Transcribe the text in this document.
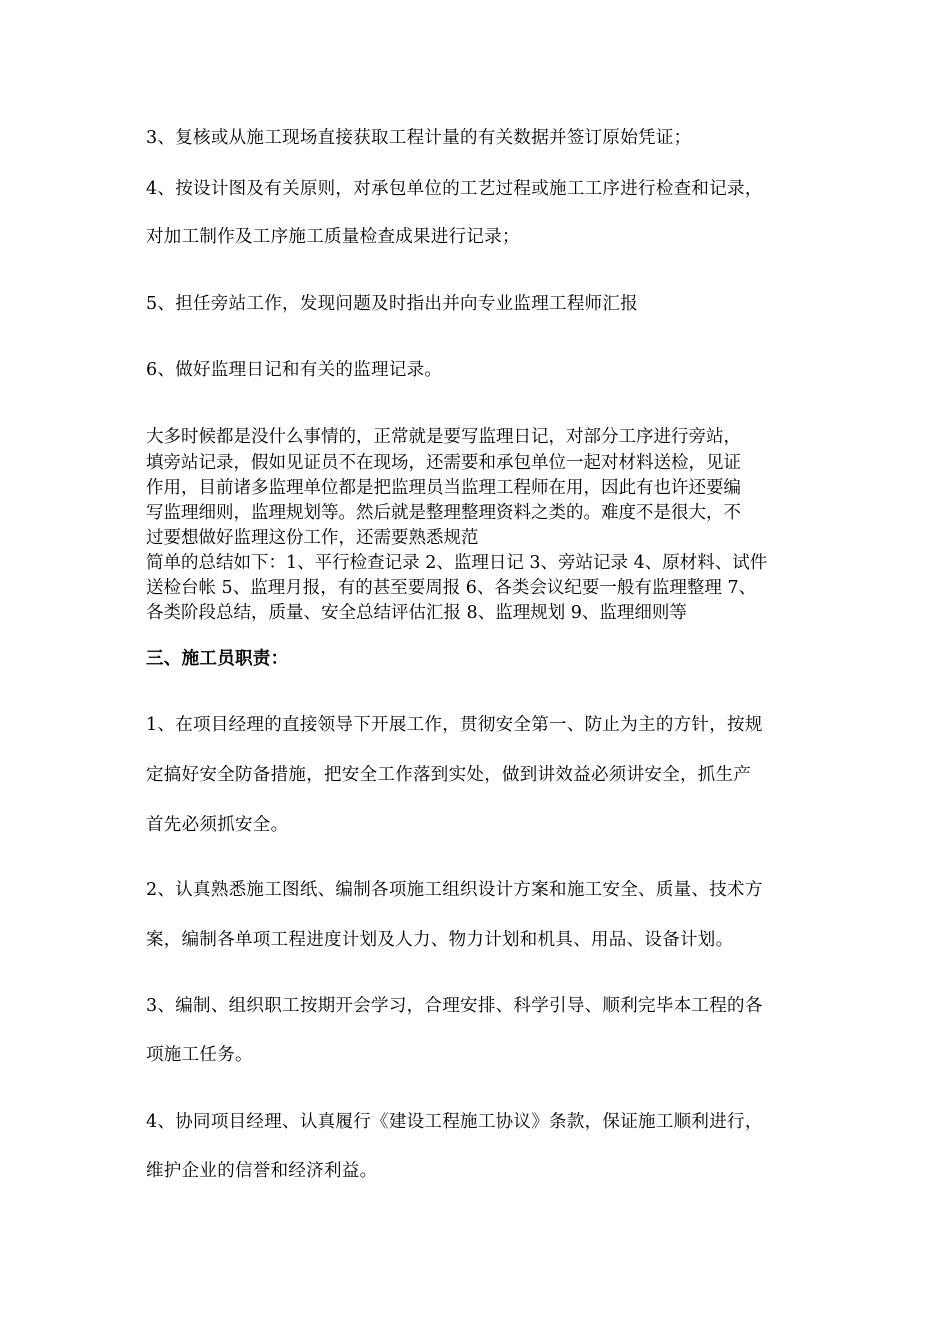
3、复核或从施工现场直接获取工程计量的有关数据并签订原始凭证；
4、按设计图及有关原则，对承包单位的工艺过程或施工工序进行检查和记录，
对加工制作及工序施工质量检查成果进行记录；
5、担任旁站工作，发现问题及时指出并向专业监理工程师汇报
6、做好监理日记和有关的监理记录。
大多时候都是没什么事情的，正常就是要写监理日记，对部分工序进行旁站，
填旁站记录，假如见证员不在现场，还需要和承包单位一起对材料送检，见证
作用，目前诸多监理单位都是把监理员当监理工程师在用，因此有也许还要编
写监理细则，监理规划等。然后就是整理整理资料之类的。难度不是很大，不
过要想做好监理这份工作，还需要熟悉规范
简单的总结如下：1、平行检查记录 2、监理日记 3、旁站记录 4、原材料、试件
送检台帐 5、监理月报，有的甚至要周报 6、各类会议纪要一般有监理整理 7、
各类阶段总结，质量、安全总结评估汇报 8、监理规划 9、监理细则等
三、施工员职责：
1、在项目经理的直接领导下开展工作，贯彻安全第一、防止为主的方针，按规
定搞好安全防备措施，把安全工作落到实处，做到讲效益必须讲安全，抓生产
首先必须抓安全。
2、认真熟悉施工图纸、编制各项施工组织设计方案和施工安全、质量、技术方
案，编制各单项工程进度计划及人力、物力计划和机具、用品、设备计划。
3、编制、组织职工按期开会学习，合理安排、科学引导、顺利完毕本工程的各
项施工任务。
4、协同项目经理、认真履行《建设工程施工协议》条款，保证施工顺利进行，
维护企业的信誉和经济利益。
